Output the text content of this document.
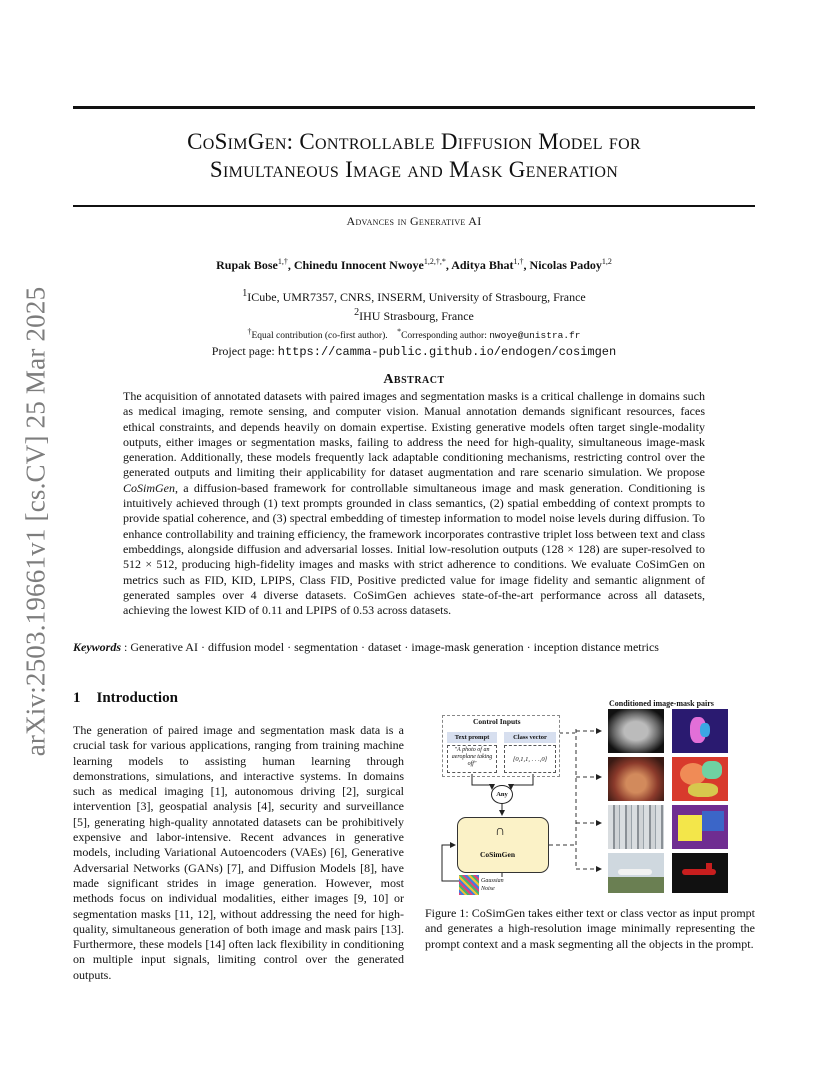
arXiv:2503.19661v1 [cs.CV] 25 Mar 2025
CoSimGen: Controllable Diffusion Model for
Simultaneous Image and Mask Generation
Advances in Generative AI
Rupak Bose$^{1,\dagger}$, Chinedu Innocent Nwoye$^{1,2,\dagger,*}$, Aditya Bhat$^{1,\dagger}$, Nicolas Padoy$^{1,2}$
$^1$ICube, UMR7357, CNRS, INSERM, University of Strasbourg, France
$^2$IHU Strasbourg, France
†Equal contribution (co-first author). *Corresponding author: nwoye@unistra.fr
Project page: https://camma-public.github.io/endogen/cosimgen
Abstract

The acquisition of annotated datasets with paired images and segmentation masks is a critical challenge in domains such as medical imaging, remote sensing, and computer vision. Manual annotation demands significant resources, faces ethical constraints, and depends heavily on domain expertise. Existing generative models often target single-modality outputs, either images or segmentation masks, failing to address the need for high-quality, simultaneous image-mask generation. Additionally, these models frequently lack adaptable conditioning mechanisms, restricting control over the generated outputs and limiting their applicability for dataset augmentation and rare scenario simulation. We propose CoSimGen, a diffusion-based framework for controllable simultaneous image and mask generation. Conditioning is intuitively achieved through (1) text prompts grounded in class semantics, (2) spatial embedding of context prompts to provide spatial coherence, and (3) spectral embedding of timestep information to model noise levels during diffusion. To enhance controllability and training efficiency, the framework incorporates contrastive triplet loss between text and class embeddings, alongside diffusion and adversarial losses. Initial low-resolution outputs (128 × 128) are super-resolved to 512 × 512, producing high-fidelity images and masks with strict adherence to conditions. We evaluate CoSimGen on metrics such as FID, KID, LPIPS, Class FID, Positive predicted value for image fidelity and semantic alignment of generated samples over 4 diverse datasets. CoSimGen achieves state-of-the-art performance across all datasets, achieving the lowest KID of 0.11 and LPIPS of 0.53 across datasets.

Keywords : Generative AI · diffusion model · segmentation · dataset · image-mask generation · inception distance metrics
1 Introduction

The generation of paired image and segmentation mask data is a crucial task for various applications, ranging from training machine learning models to assisting human learning through demonstrations, simulations, and interactive systems. In domains such as medical imaging [1], autonomous driving [2], surgical intervention [3], geospatial analysis [4], security and surveillance [5], generating high-quality annotated datasets can be prohibitively expensive and labor-intensive. Recent advances in generative models, including Variational Autoencoders (VAEs) [6], Generative Adversarial Networks (GANs) [7], and Diffusion Models [8], have made significant strides in image generation. However, most methods focus on individual modalities, either images [9, 10] or segmentation masks [11, 12], without addressing the need for high-quality, simultaneous generation of both image and mask pairs [13]. Furthermore, these models [14] often lack flexibility in conditioning on multiple input signals, limiting control over the generated outputs.

Conditioned image-mask pairs
Control Inputs
Text prompt	Class vector
"A photo of an aeroplane taking off"
[0,1,1, . . .,0]
Any
∩
CoSimGen
Gaussian Noise

Figure 1: CoSimGen takes either text or class vector as input prompt and generates a high-resolution image minimally representing the prompt context and a mask segmenting all the objects in the prompt.
